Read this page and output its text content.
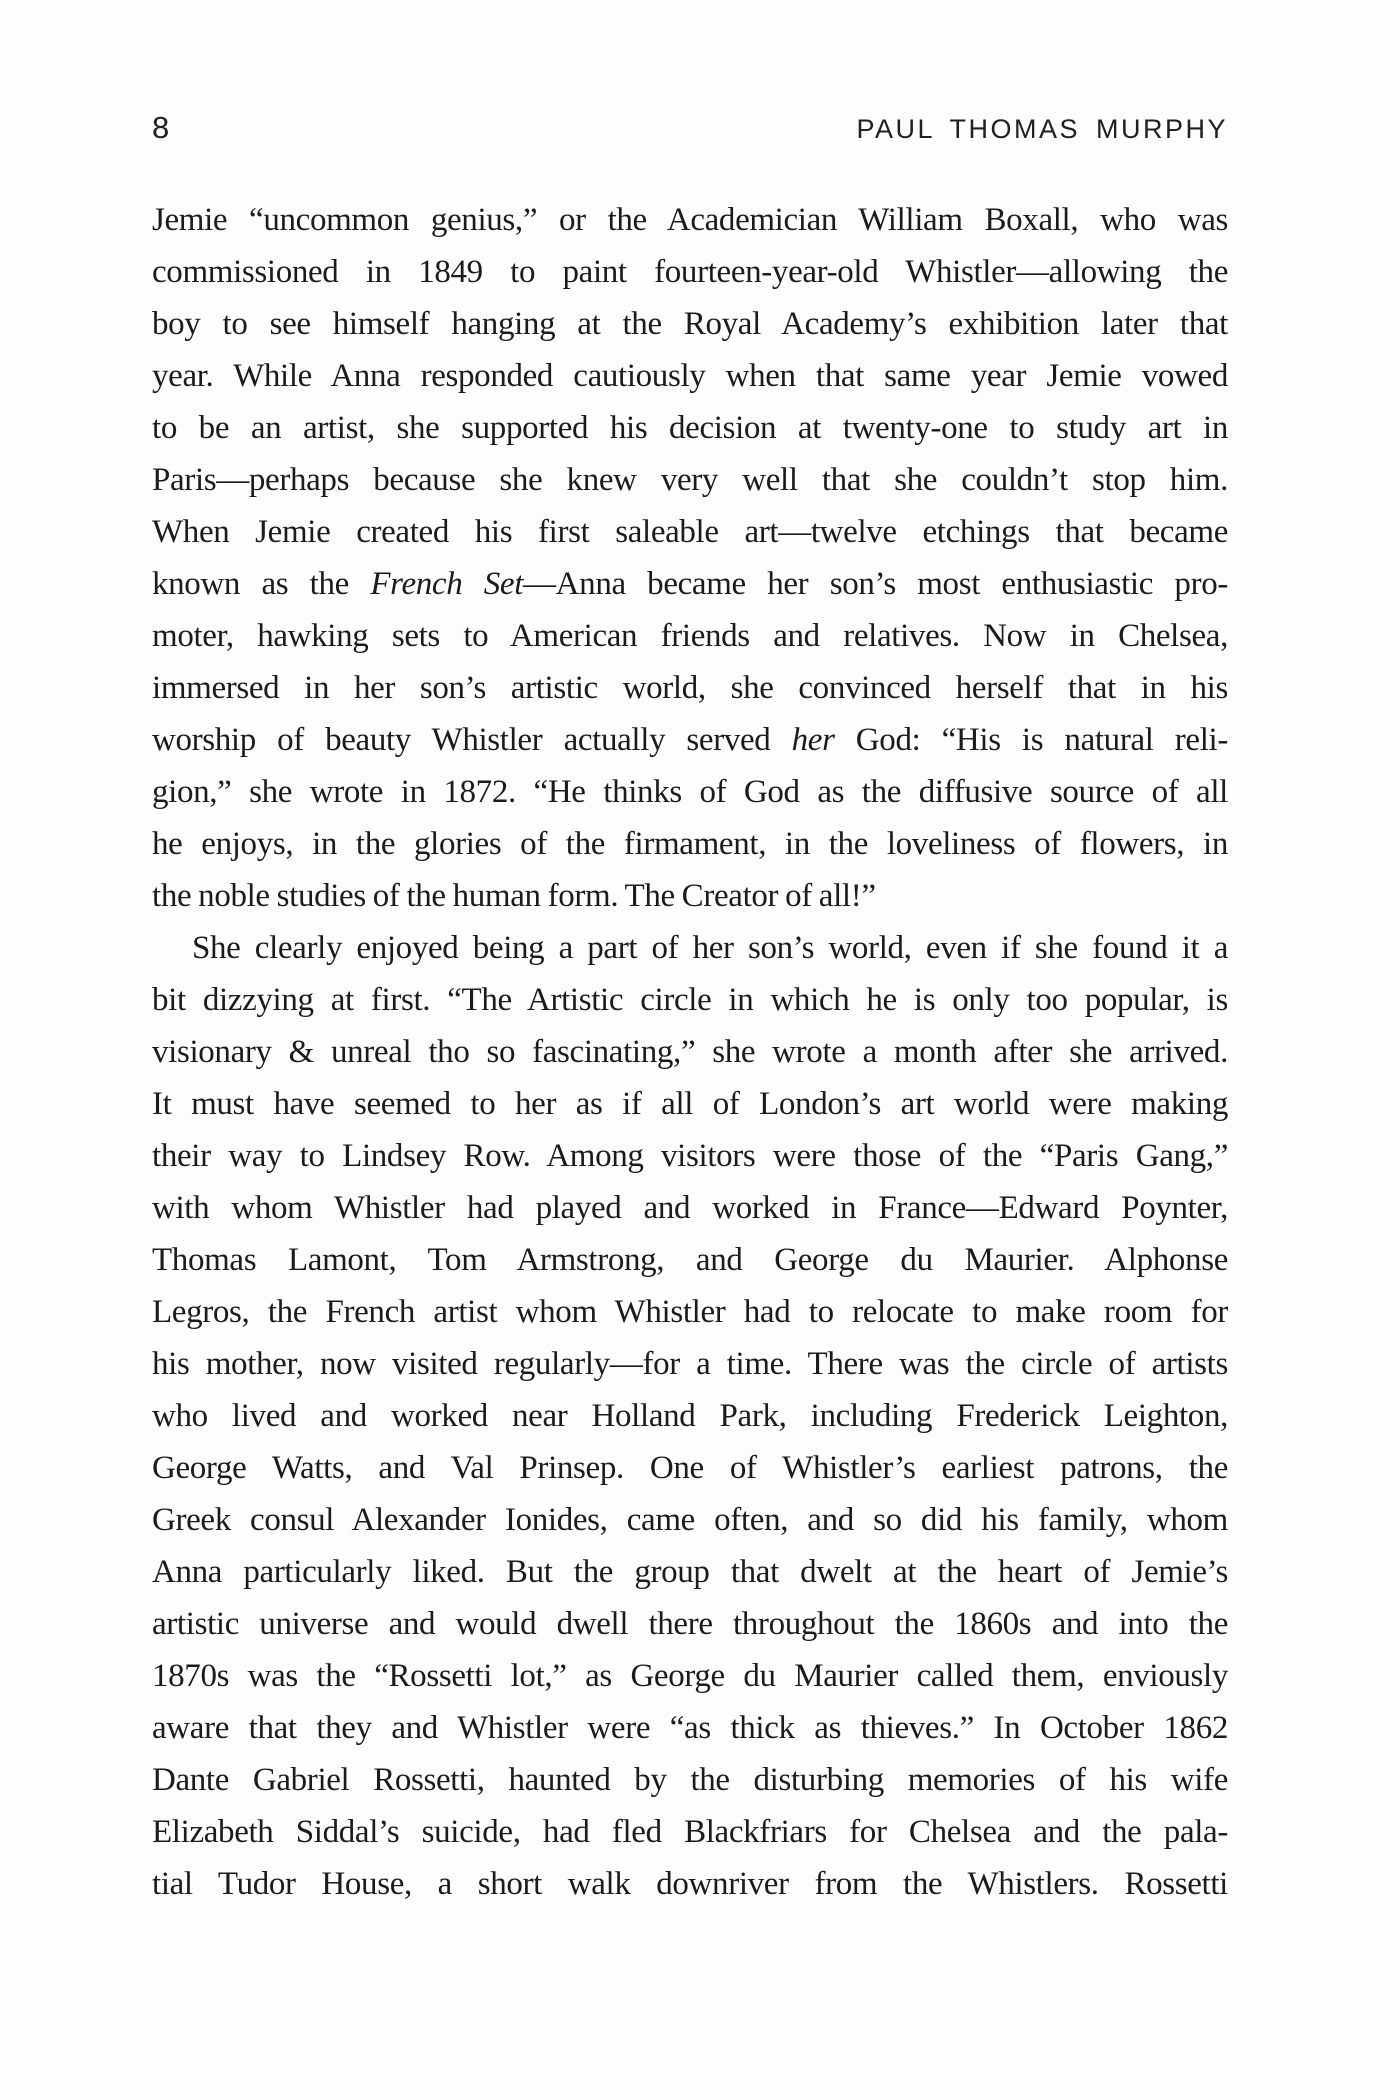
8	PAUL THOMAS MURPHY
Jemie “uncommon genius,” or the Academician William Boxall, who was
commissioned in 1849 to paint fourteen-year-old Whistler—allowing the
boy to see himself hanging at the Royal Academy’s exhibition later that
year. While Anna responded cautiously when that same year Jemie vowed
to be an artist, she supported his decision at twenty-one to study art in
Paris—perhaps because she knew very well that she couldn’t stop him.
When Jemie created his first saleable art—twelve etchings that became
known as the French Set—Anna became her son’s most enthusiastic pro-
moter, hawking sets to American friends and relatives. Now in Chelsea,
immersed in her son’s artistic world, she convinced herself that in his
worship of beauty Whistler actually served her God: “His is natural reli-
gion,” she wrote in 1872. “He thinks of God as the diffusive source of all
he enjoys, in the glories of the firmament, in the loveliness of flowers, in
the noble studies of the human form. The Creator of all!”
She clearly enjoyed being a part of her son’s world, even if she found it a
bit dizzying at first. “The Artistic circle in which he is only too popular, is
visionary & unreal tho so fascinating,” she wrote a month after she arrived.
It must have seemed to her as if all of London’s art world were making
their way to Lindsey Row. Among visitors were those of the “Paris Gang,”
with whom Whistler had played and worked in France—Edward Poynter,
Thomas Lamont, Tom Armstrong, and George du Maurier. Alphonse
Legros, the French artist whom Whistler had to relocate to make room for
his mother, now visited regularly—for a time. There was the circle of artists
who lived and worked near Holland Park, including Frederick Leighton,
George Watts, and Val Prinsep. One of Whistler’s earliest patrons, the
Greek consul Alexander Ionides, came often, and so did his family, whom
Anna particularly liked. But the group that dwelt at the heart of Jemie’s
artistic universe and would dwell there throughout the 1860s and into the
1870s was the “Rossetti lot,” as George du Maurier called them, enviously
aware that they and Whistler were “as thick as thieves.” In October 1862
Dante Gabriel Rossetti, haunted by the disturbing memories of his wife
Elizabeth Siddal’s suicide, had fled Blackfriars for Chelsea and the pala-
tial Tudor House, a short walk downriver from the Whistlers. Rossetti
